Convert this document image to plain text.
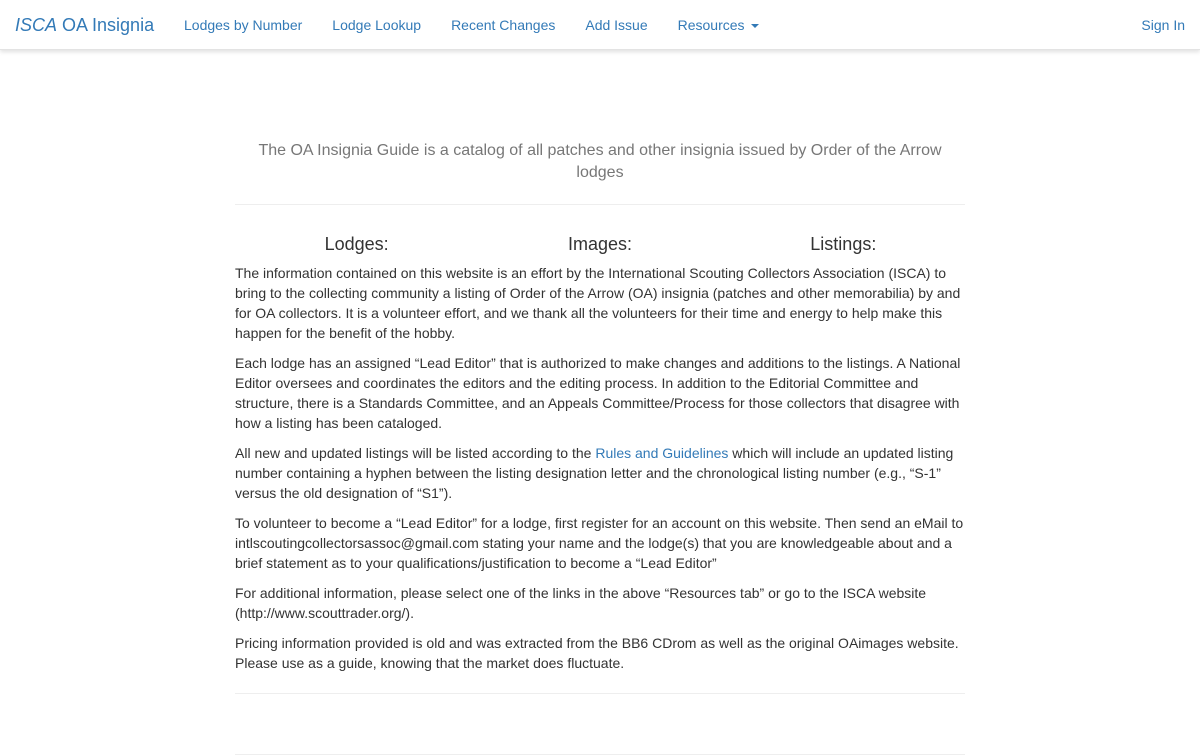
ISCA OA Insignia	Lodges by Number	Lodge Lookup	Recent Changes	Add Issue	Resources	Sign In

The OA Insignia Guide is a catalog of all patches and other insignia issued by Order of the Arrow lodges

Lodges:	Images:	Listings:

The information contained on this website is an effort by the International Scouting Collectors Association (ISCA) to bring to the collecting community a listing of Order of the Arrow (OA) insignia (patches and other memorabilia) by and for OA collectors. It is a volunteer effort, and we thank all the volunteers for their time and energy to help make this happen for the benefit of the hobby.

Each lodge has an assigned “Lead Editor” that is authorized to make changes and additions to the listings. A National Editor oversees and coordinates the editors and the editing process. In addition to the Editorial Committee and structure, there is a Standards Committee, and an Appeals Committee/Process for those collectors that disagree with how a listing has been cataloged.

All new and updated listings will be listed according to the Rules and Guidelines which will include an updated listing number containing a hyphen between the listing designation letter and the chronological listing number (e.g., “S-1” versus the old designation of “S1”).

To volunteer to become a “Lead Editor” for a lodge, first register for an account on this website. Then send an eMail to intlscoutingcollectorsassoc@gmail.com stating your name and the lodge(s) that you are knowledgeable about and a brief statement as to your qualifications/justification to become a “Lead Editor”

For additional information, please select one of the links in the above “Resources tab” or go to the ISCA website (http://www.scouttrader.org/).

Pricing information provided is old and was extracted from the BB6 CDrom as well as the original OAimages website. Please use as a guide, knowing that the market does fluctuate.
